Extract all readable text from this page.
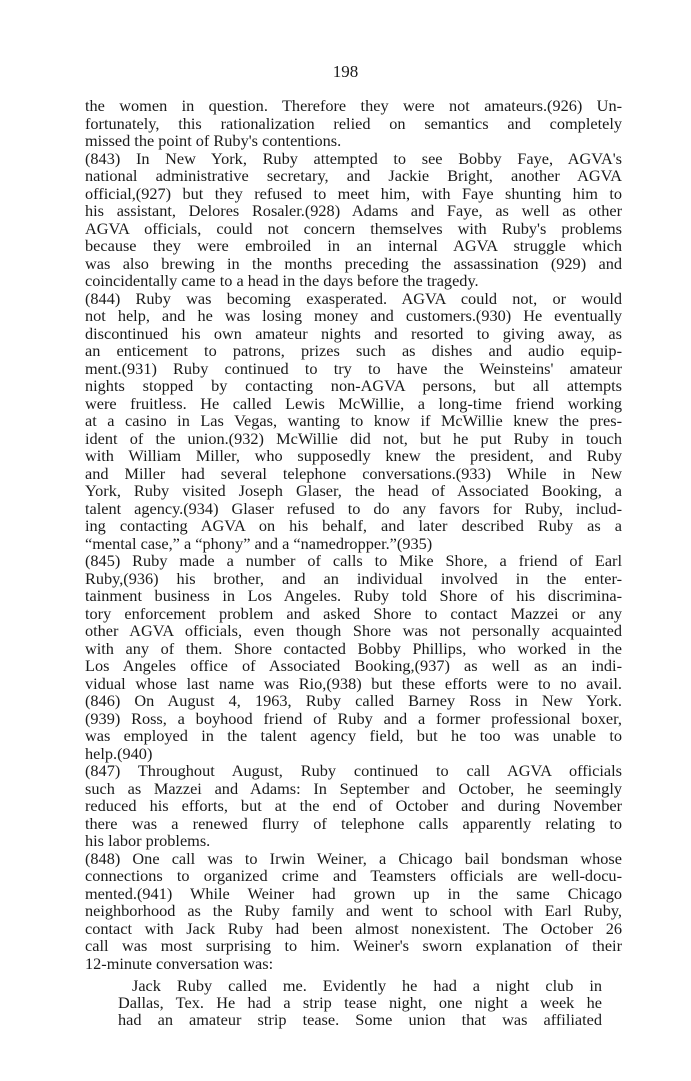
198
the women in question. Therefore they were not amateurs.(926) Un-
fortunately, this rationalization relied on semantics and completely
missed the point of Ruby's contentions.
(843) In New York, Ruby attempted to see Bobby Faye, AGVA's
national administrative secretary, and Jackie Bright, another AGVA
official,(927) but they refused to meet him, with Faye shunting him to
his assistant, Delores Rosaler.(928) Adams and Faye, as well as other
AGVA officials, could not concern themselves with Ruby's problems
because they were embroiled in an internal AGVA struggle which
was also brewing in the months preceding the assassination (929) and
coincidentally came to a head in the days before the tragedy.
(844) Ruby was becoming exasperated. AGVA could not, or would
not help, and he was losing money and customers.(930) He eventually
discontinued his own amateur nights and resorted to giving away, as
an enticement to patrons, prizes such as dishes and audio equip-
ment.(931) Ruby continued to try to have the Weinsteins' amateur
nights stopped by contacting non-AGVA persons, but all attempts
were fruitless. He called Lewis McWillie, a long-time friend working
at a casino in Las Vegas, wanting to know if McWillie knew the pres-
ident of the union.(932) McWillie did not, but he put Ruby in touch
with William Miller, who supposedly knew the president, and Ruby
and Miller had several telephone conversations.(933) While in New
York, Ruby visited Joseph Glaser, the head of Associated Booking, a
talent agency.(934) Glaser refused to do any favors for Ruby, includ-
ing contacting AGVA on his behalf, and later described Ruby as a
“mental case,” a “phony” and a “namedropper.”(935)
(845) Ruby made a number of calls to Mike Shore, a friend of Earl
Ruby,(936) his brother, and an individual involved in the enter-
tainment business in Los Angeles. Ruby told Shore of his discrimina-
tory enforcement problem and asked Shore to contact Mazzei or any
other AGVA officials, even though Shore was not personally acquainted
with any of them. Shore contacted Bobby Phillips, who worked in the
Los Angeles office of Associated Booking,(937) as well as an indi-
vidual whose last name was Rio,(938) but these efforts were to no avail.
(846) On August 4, 1963, Ruby called Barney Ross in New York.
(939) Ross, a boyhood friend of Ruby and a former professional boxer,
was employed in the talent agency field, but he too was unable to
help.(940)
(847) Throughout August, Ruby continued to call AGVA officials
such as Mazzei and Adams: In September and October, he seemingly
reduced his efforts, but at the end of October and during November
there was a renewed flurry of telephone calls apparently relating to
his labor problems.
(848) One call was to Irwin Weiner, a Chicago bail bondsman whose
connections to organized crime and Teamsters officials are well-docu-
mented.(941) While Weiner had grown up in the same Chicago
neighborhood as the Ruby family and went to school with Earl Ruby,
contact with Jack Ruby had been almost nonexistent. The October 26
call was most surprising to him. Weiner's sworn explanation of their
12-minute conversation was:
Jack Ruby called me. Evidently he had a night club in
Dallas, Tex. He had a strip tease night, one night a week he
had an amateur strip tease. Some union that was affiliated
